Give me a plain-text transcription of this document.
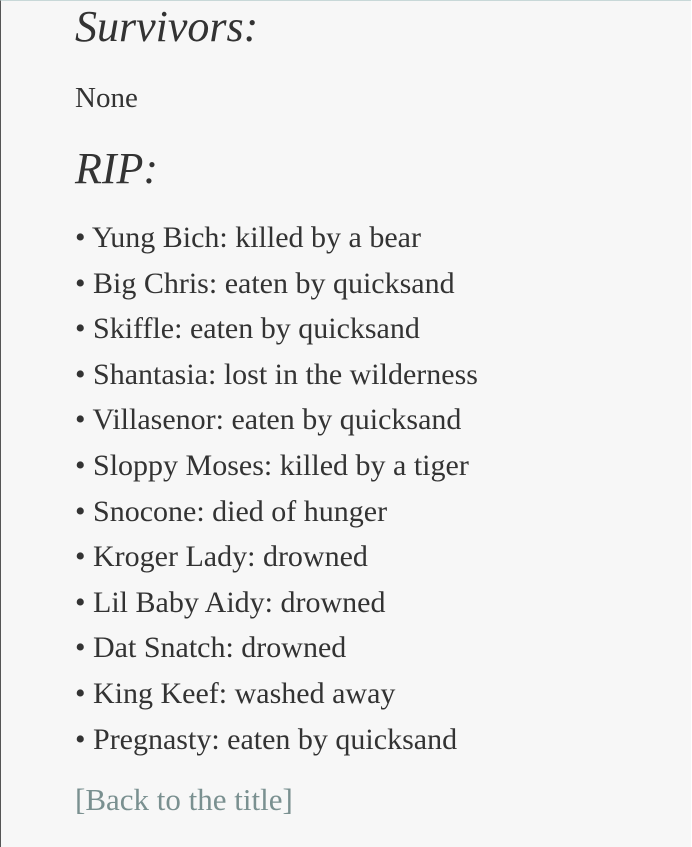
Survivors:
None
RIP:
• Yung Bich: killed by a bear
• Big Chris: eaten by quicksand
• Skiffle: eaten by quicksand
• Shantasia: lost in the wilderness
• Villasenor: eaten by quicksand
• Sloppy Moses: killed by a tiger
• Snocone: died of hunger
• Kroger Lady: drowned
• Lil Baby Aidy: drowned
• Dat Snatch: drowned
• King Keef: washed away
• Pregnasty: eaten by quicksand
[Back to the title]
